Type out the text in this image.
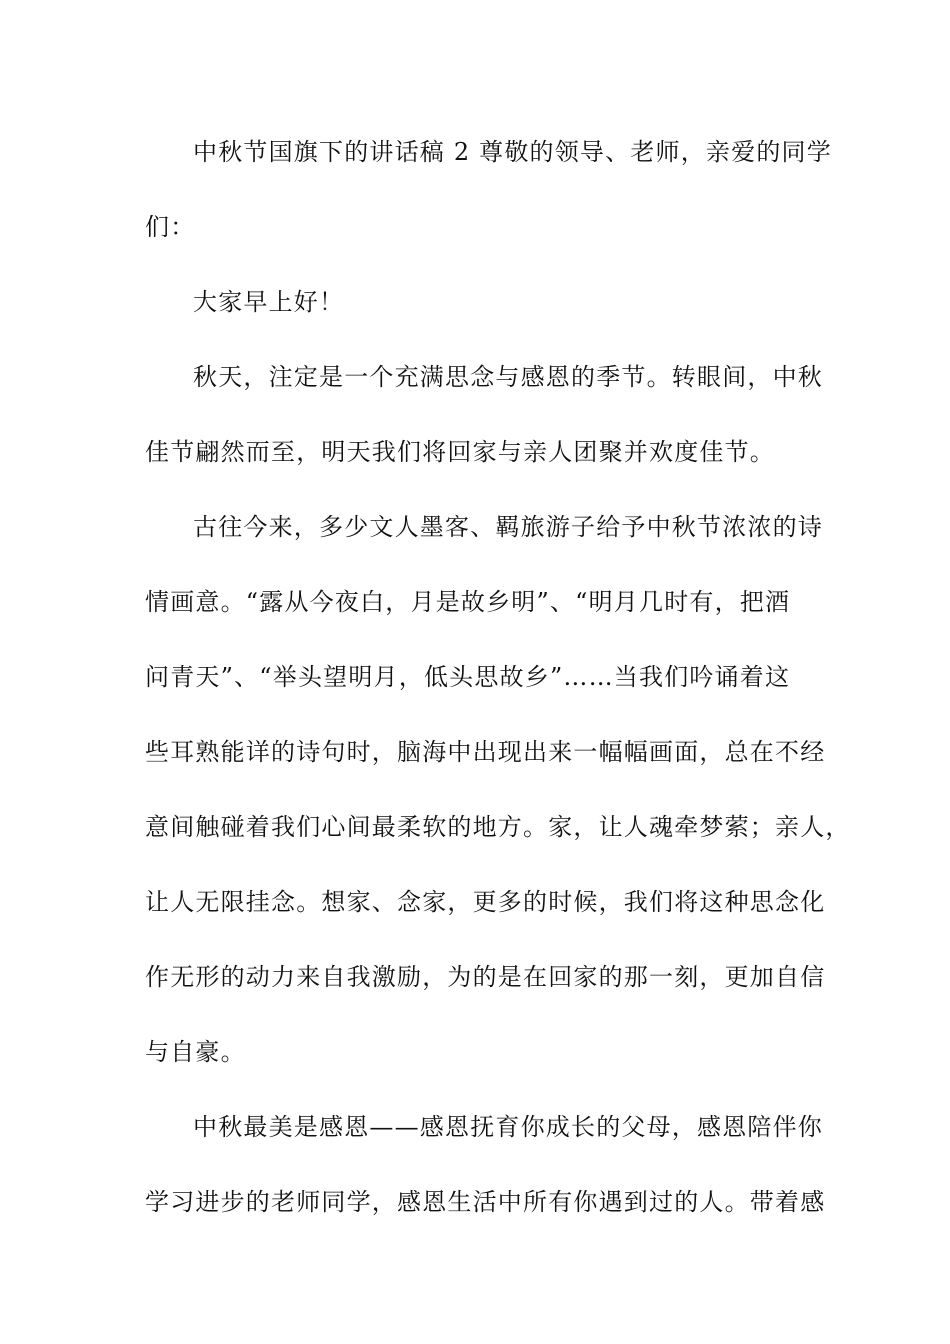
中秋节国旗下的讲话稿 2 尊敬的领导、老师，亲爱的同学
们：
大家早上好！
秋天，注定是一个充满思念与感恩的季节。转眼间，中秋
佳节翩然而至，明天我们将回家与亲人团聚并欢度佳节。
古往今来，多少文人墨客、羁旅游子给予中秋节浓浓的诗
情画意。“露从今夜白，月是故乡明”、“明月几时有，把酒
问青天”、“举头望明月，低头思故乡”……当我们吟诵着这
些耳熟能详的诗句时，脑海中出现出来一幅幅画面，总在不经
意间触碰着我们心间最柔软的地方。家，让人魂牵梦萦；亲人，
让人无限挂念。想家、念家，更多的时候，我们将这种思念化
作无形的动力来自我激励，为的是在回家的那一刻，更加自信
与自豪。
中秋最美是感恩——感恩抚育你成长的父母，感恩陪伴你
学习进步的老师同学，感恩生活中所有你遇到过的人。带着感
